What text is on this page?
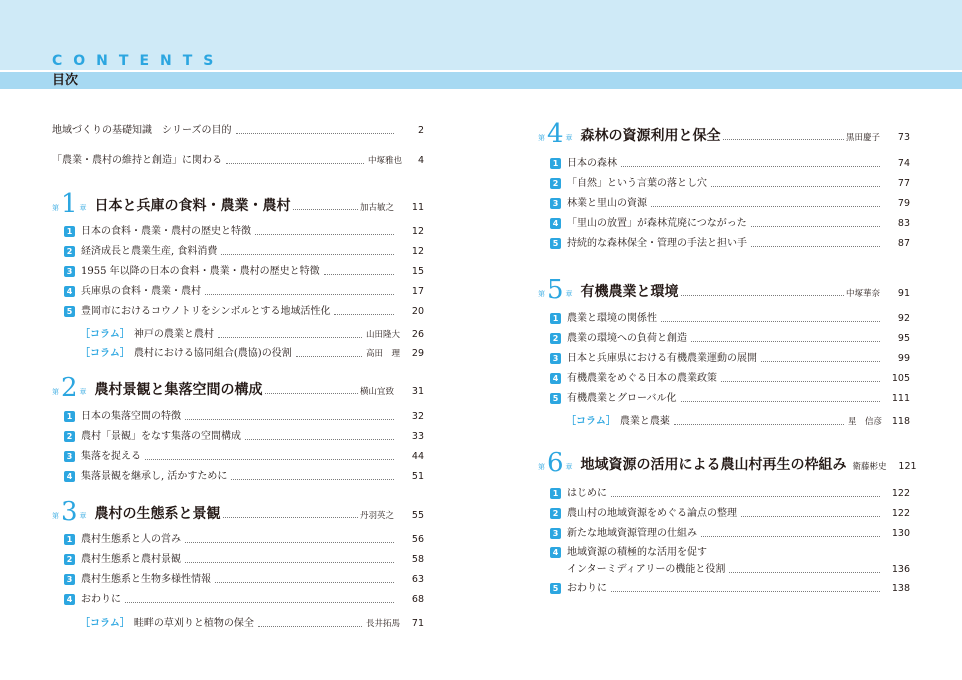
CONTENTS
目次
地域づくりの基礎知識　シリーズの目的	2
「農業・農村の維持と創造」に関わる	中塚雅也	4
第 1 章 日本と兵庫の食料・農業・農村	加古敏之	11
1 日本の食料・農業・農村の歴史と特徴	12
2 経済成長と農業生産, 食料消費	12
3 1955 年以降の日本の食料・農業・農村の歴史と特徴	15
4 兵庫県の食料・農業・農村	17
5 豊岡市におけるコウノトリをシンボルとする地域活性化	20
［コラム］ 神戸の農業と農村	山田隆大	26
［コラム］ 農村における協同組合(農協)の役割	高田　理	29
第 2 章 農村景観と集落空間の構成	横山宜致	31
1 日本の集落空間の特徴	32
2 農村「景観」をなす集落の空間構成	33
3 集落を捉える	44
4 集落景観を継承し, 活かすために	51
第 3 章 農村の生態系と景観	丹羽英之	55
1 農村生態系と人の営み	56
2 農村生態系と農村景観	58
3 農村生態系と生物多様性情報	63
4 おわりに	68
［コラム］ 畦畔の草刈りと植物の保全	長井拓馬	71
第 4 章 森林の資源利用と保全	黒田慶子	73
1 日本の森林	74
2 「自然」という言葉の落とし穴	77
3 林業と里山の資源	79
4 「里山の放置」が森林荒廃につながった	83
5 持続的な森林保全・管理の手法と担い手	87
第 5 章 有機農業と環境	中塚華奈	91
1 農業と環境の関係性	92
2 農業の環境への負荷と創造	95
3 日本と兵庫県における有機農業運動の展開	99
4 有機農業をめぐる日本の農業政策	105
5 有機農業とグローバル化	111
［コラム］ 農業と農薬	星　信彦 118
第 6 章 地域資源の活用による農山村再生の枠組み 衛藤彬史	121
1 はじめに	122
2 農山村の地域資源をめぐる論点の整理	122
3 新たな地域資源管理の仕組み	130
4 地域資源の積極的な活用を促す
インターミディアリーの機能と役割	136
5 おわりに	138
